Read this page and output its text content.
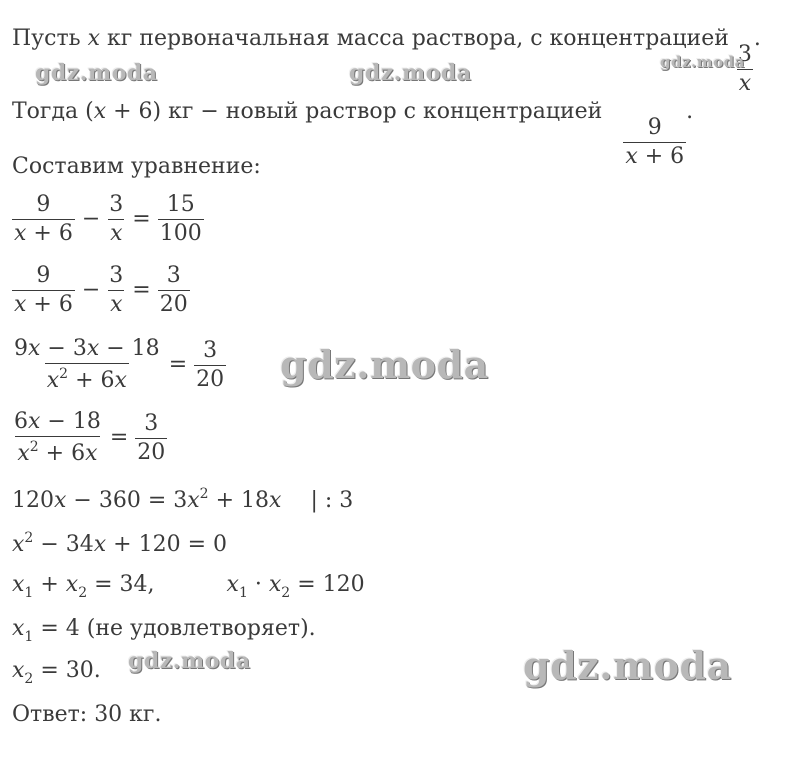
Пусть x кг первоначальная масса раствора, с концентрацией
$\frac{3}{x}$
.
Тогда (x + 6) кг − новый раствор с концентрацией
$\frac{9}{x + 6}$
.
Составим уравнение:
$\frac{9}{x + 6} - \frac{3}{x} = \frac{15}{100}$
$\frac{9}{x + 6} - \frac{3}{x} = \frac{3}{20}$
$\frac{9x - 3x - 18}{x^2 + 6x} = \frac{3}{20}$
$\frac{6x - 18}{x^2 + 6x} = \frac{3}{20}$
$120x - 360 = 3x^2 + 18x$ | : 3
$x^2 - 34x + 120 = 0$
$x_1 + x_2 = 34$,	$x_1 \cdot x_2 = 120$
$x_1 = 4$ (не удовлетворяет).
$x_2 = 30$.
Ответ: 30 кг.
gdz.moda	gdz.moda	gdz.moda
gdz.moda
gdz.moda	gdz.moda
